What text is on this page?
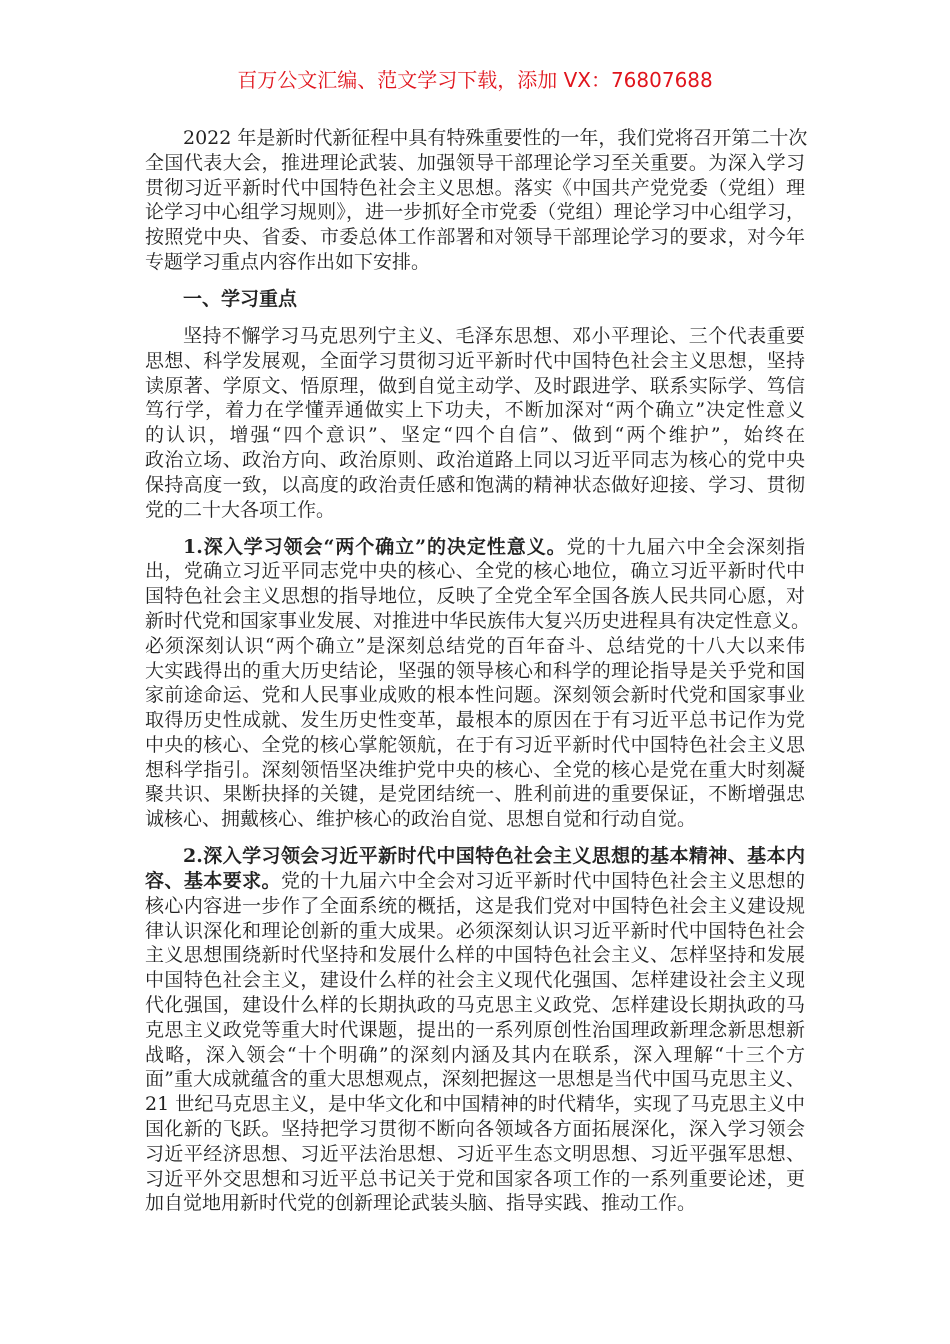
百万公文汇编、范文学习下载，添加 VX：76807688
2022 年是新时代新征程中具有特殊重要性的一年，我们党将召开第二十次
全国代表大会，推进理论武装、加强领导干部理论学习至关重要。为深入学习
贯彻习近平新时代中国特色社会主义思想。落实《中国共产党党委（党组）理
论学习中心组学习规则》，进一步抓好全市党委（党组）理论学习中心组学习，
按照党中央、省委、市委总体工作部署和对领导干部理论学习的要求，对今年
专题学习重点内容作出如下安排。
一、学习重点
坚持不懈学习马克思列宁主义、毛泽东思想、邓小平理论、三个代表重要
思想、科学发展观，全面学习贯彻习近平新时代中国特色社会主义思想，坚持
读原著、学原文、悟原理，做到自觉主动学、及时跟进学、联系实际学、笃信
笃行学，着力在学懂弄通做实上下功夫，不断加深对“两个确立”决定性意义
的认识，增强“四个意识”、坚定“四个自信”、做到“两个维护”，始终在
政治立场、政治方向、政治原则、政治道路上同以习近平同志为核心的党中央
保持高度一致，以高度的政治责任感和饱满的精神状态做好迎接、学习、贯彻
党的二十大各项工作。
1.深入学习领会“两个确立”的决定性意义。党的十九届六中全会深刻指
出，党确立习近平同志党中央的核心、全党的核心地位，确立习近平新时代中
国特色社会主义思想的指导地位，反映了全党全军全国各族人民共同心愿，对
新时代党和国家事业发展、对推进中华民族伟大复兴历史进程具有决定性意义。
必须深刻认识“两个确立”是深刻总结党的百年奋斗、总结党的十八大以来伟
大实践得出的重大历史结论，坚强的领导核心和科学的理论指导是关乎党和国
家前途命运、党和人民事业成败的根本性问题。深刻领会新时代党和国家事业
取得历史性成就、发生历史性变革，最根本的原因在于有习近平总书记作为党
中央的核心、全党的核心掌舵领航，在于有习近平新时代中国特色社会主义思
想科学指引。深刻领悟坚决维护党中央的核心、全党的核心是党在重大时刻凝
聚共识、果断抉择的关键，是党团结统一、胜利前进的重要保证，不断增强忠
诚核心、拥戴核心、维护核心的政治自觉、思想自觉和行动自觉。
2.深入学习领会习近平新时代中国特色社会主义思想的基本精神、基本内
容、基本要求。党的十九届六中全会对习近平新时代中国特色社会主义思想的
核心内容进一步作了全面系统的概括，这是我们党对中国特色社会主义建设规
律认识深化和理论创新的重大成果。必须深刻认识习近平新时代中国特色社会
主义思想围绕新时代坚持和发展什么样的中国特色社会主义、怎样坚持和发展
中国特色社会主义，建设什么样的社会主义现代化强国、怎样建设社会主义现
代化强国，建设什么样的长期执政的马克思主义政党、怎样建设长期执政的马
克思主义政党等重大时代课题，提出的一系列原创性治国理政新理念新思想新
战略，深入领会“十个明确”的深刻内涵及其内在联系，深入理解“十三个方
面”重大成就蕴含的重大思想观点，深刻把握这一思想是当代中国马克思主义、
21 世纪马克思主义，是中华文化和中国精神的时代精华，实现了马克思主义中
国化新的飞跃。坚持把学习贯彻不断向各领域各方面拓展深化，深入学习领会
习近平经济思想、习近平法治思想、习近平生态文明思想、习近平强军思想、
习近平外交思想和习近平总书记关于党和国家各项工作的一系列重要论述，更
加自觉地用新时代党的创新理论武装头脑、指导实践、推动工作。
